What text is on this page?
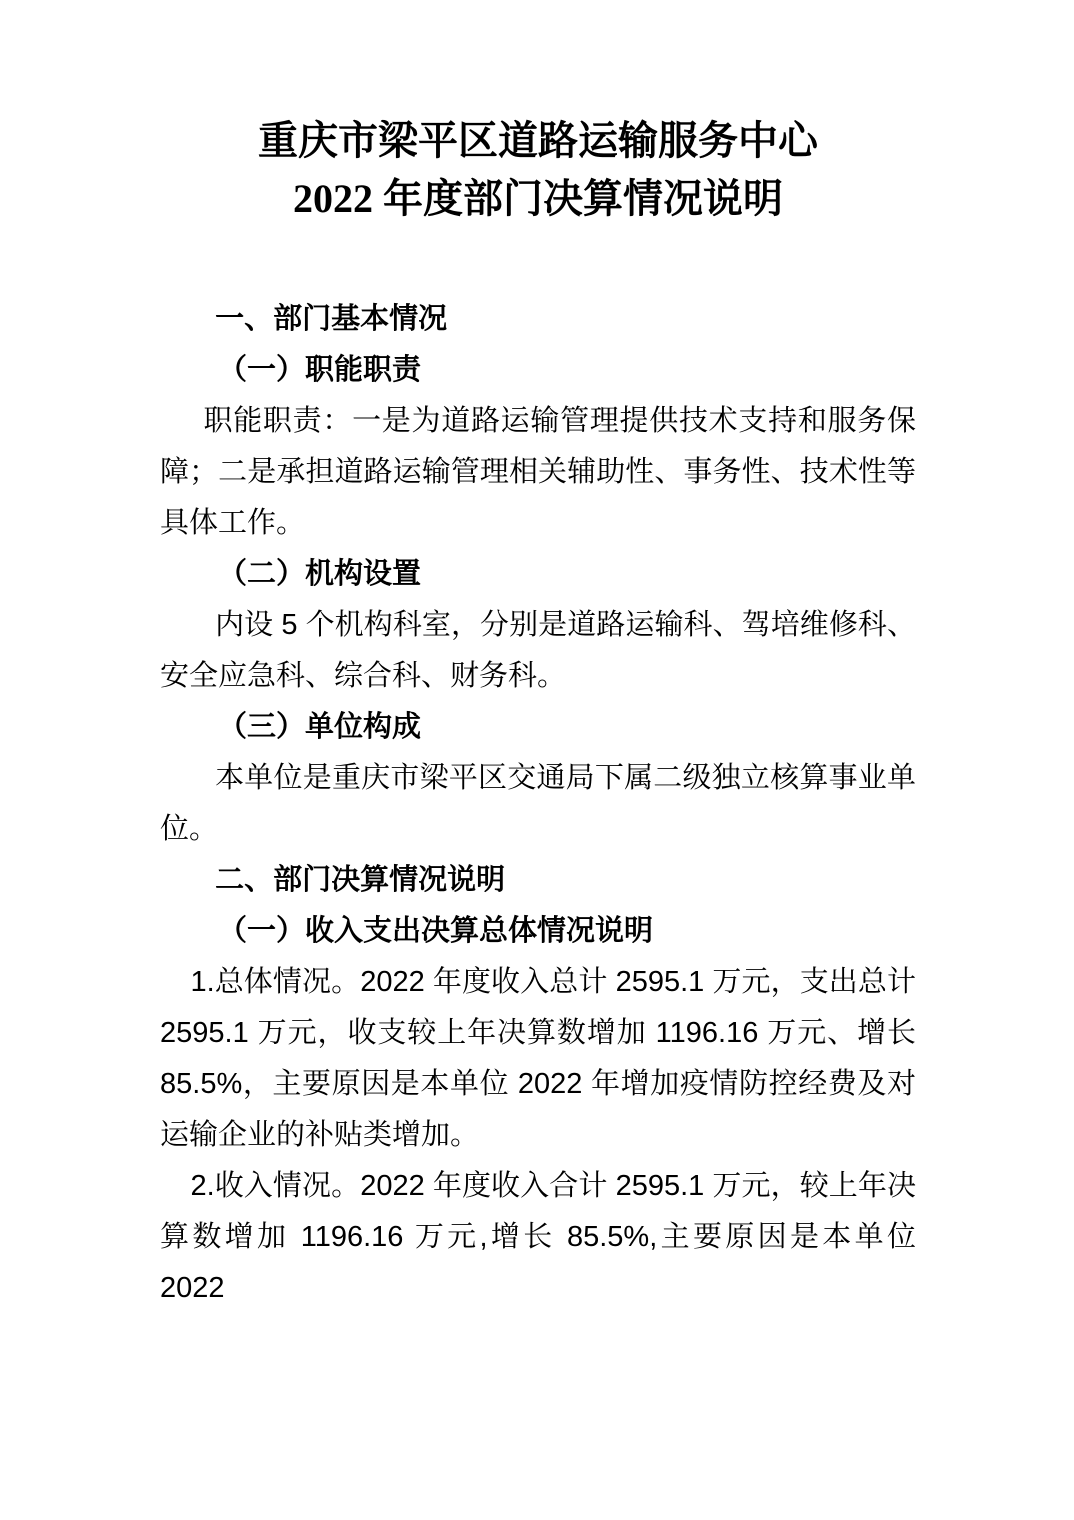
重庆市梁平区道路运输服务中心
2022 年度部门决算情况说明
一、部门基本情况
（一）职能职责
职能职责：一是为道路运输管理提供技术支持和服务保障；二是承担道路运输管理相关辅助性、事务性、技术性等具体工作。
（二）机构设置
内设 5 个机构科室，分别是道路运输科、驾培维修科、安全应急科、综合科、财务科。
（三）单位构成
本单位是重庆市梁平区交通局下属二级独立核算事业单位。
二、部门决算情况说明
（一）收入支出决算总体情况说明
1.总体情况。2022 年度收入总计 2595.1 万元，支出总计 2595.1 万元，收支较上年决算数增加 1196.16 万元、增长 85.5%，主要原因是本单位 2022 年增加疫情防控经费及对运输企业的补贴类增加。
2.收入情况。2022 年度收入合计 2595.1 万元，较上年决算数增加 1196.16 万元,增长 85.5%,主要原因是本单位 2022
